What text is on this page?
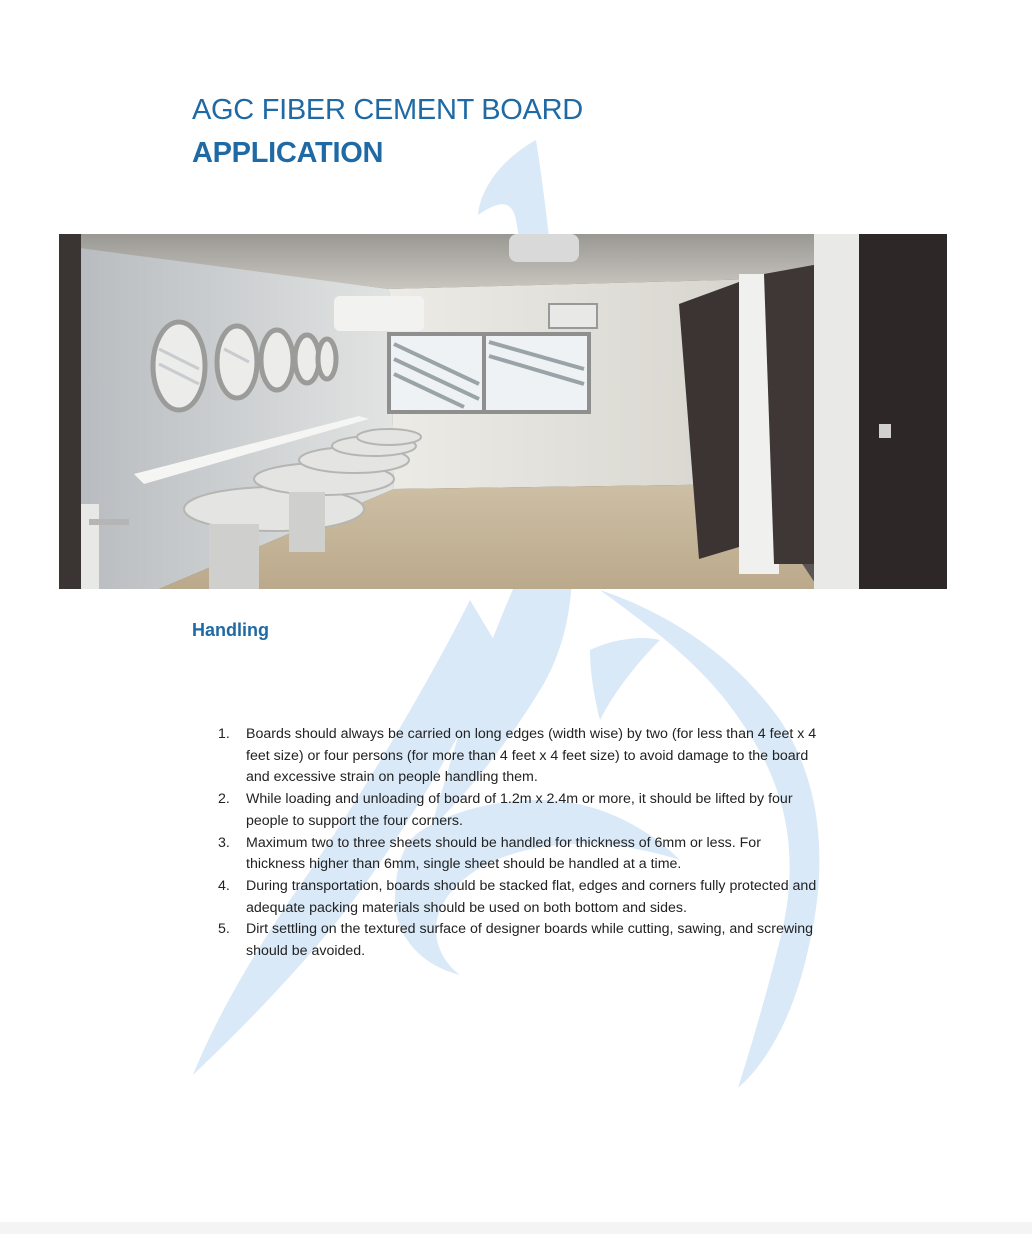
AGC FIBER CEMENT BOARD
APPLICATION
Handling
1. Boards should always be carried on long edges (width wise) by two (for less than 4 feet x 4 feet size) or four persons (for more than 4 feet x 4 feet size) to avoid damage to the board and excessive strain on people handling them.
2. While loading and unloading of board of 1.2m x 2.4m or more, it should be lifted by four people to support the four corners.
3. Maximum two to three sheets should be handled for thickness of 6mm or less. For thickness higher than 6mm, single sheet should be handled at a time.
4. During transportation, boards should be stacked flat, edges and corners fully protected and adequate packing materials should be used on both bottom and sides.
5. Dirt settling on the textured surface of designer boards while cutting, sawing, and screwing should be avoided.
